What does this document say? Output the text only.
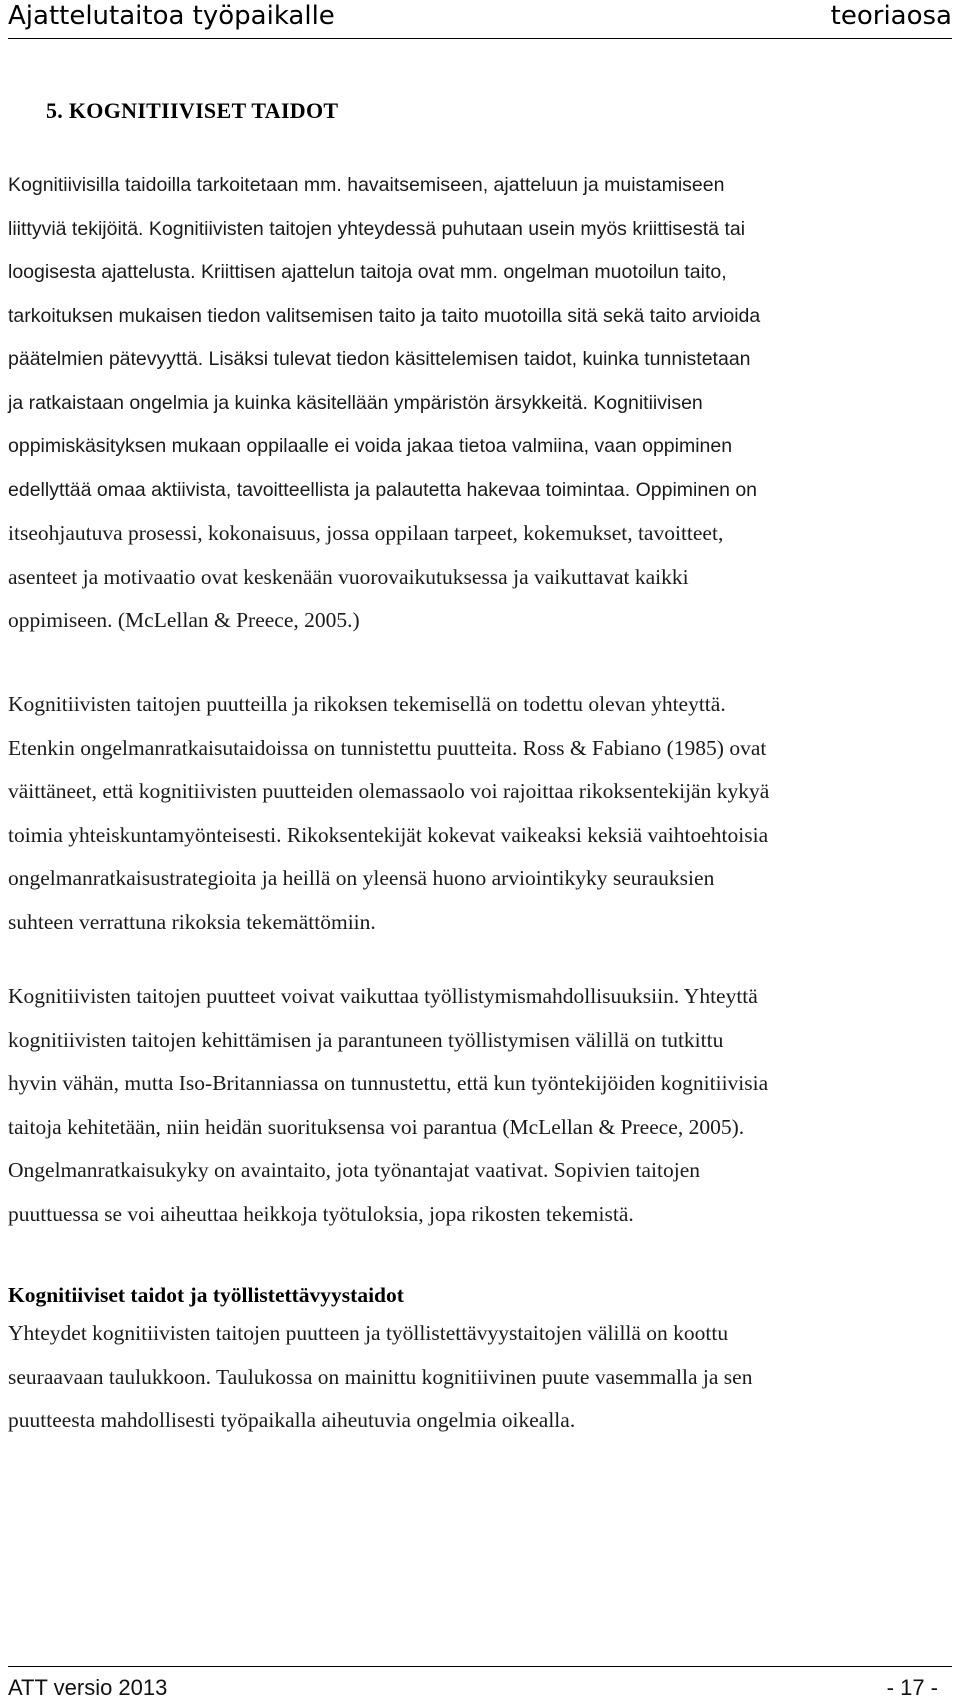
Ajattelutaitoa työpaikalle	teoriaosa
5. KOGNITIIVISET TAIDOT
Kognitiivisilla taidoilla tarkoitetaan mm. havaitsemiseen, ajatteluun ja muistamiseen
liittyviä tekijöitä. Kognitiivisten taitojen yhteydessä puhutaan usein myös kriittisestä tai
loogisesta ajattelusta. Kriittisen ajattelun taitoja ovat mm. ongelman muotoilun taito,
tarkoituksen mukaisen tiedon valitsemisen taito ja taito muotoilla sitä sekä taito arvioida
päätelmien pätevyyttä. Lisäksi tulevat tiedon käsittelemisen taidot, kuinka tunnistetaan
ja ratkaistaan ongelmia ja kuinka käsitellään ympäristön ärsykkeitä. Kognitiivisen
oppimiskäsityksen mukaan oppilaalle ei voida jakaa tietoa valmiina, vaan oppiminen
edellyttää omaa aktiivista, tavoitteellista ja palautetta hakevaa toimintaa. Oppiminen on
itseohjautuva prosessi, kokonaisuus, jossa oppilaan tarpeet, kokemukset, tavoitteet,
asenteet ja motivaatio ovat keskenään vuorovaikutuksessa ja vaikuttavat kaikki
oppimiseen. (McLellan & Preece, 2005.)
Kognitiivisten taitojen puutteilla ja rikoksen tekemisellä on todettu olevan yhteyttä.
Etenkin ongelmanratkaisutaidoissa on tunnistettu puutteita. Ross & Fabiano (1985) ovat
väittäneet, että kognitiivisten puutteiden olemassaolo voi rajoittaa rikoksentekijän kykyä
toimia yhteiskuntamyönteisesti. Rikoksentekijät kokevat vaikeaksi keksiä vaihtoehtoisia
ongelmanratkaisustrategioita ja heillä on yleensä huono arviointikyky seurauksien
suhteen verrattuna rikoksia tekemättömiin.
Kognitiivisten taitojen puutteet voivat vaikuttaa työllistymismahdollisuuksiin. Yhteyttä
kognitiivisten taitojen kehittämisen ja parantuneen työllistymisen välillä on tutkittu
hyvin vähän, mutta Iso-Britanniassa on tunnustettu, että kun työntekijöiden kognitiivisia
taitoja kehitetään, niin heidän suorituksensa voi parantua (McLellan & Preece, 2005).
Ongelmanratkaisukyky on avaintaito, jota työnantajat vaativat. Sopivien taitojen
puuttuessa se voi aiheuttaa heikkoja työtuloksia, jopa rikosten tekemistä.
Kognitiiviset taidot ja työllistettävyystaidot
Yhteydet kognitiivisten taitojen puutteen ja työllistettävyystaitojen välillä on koottu
seuraavaan taulukkoon. Taulukossa on mainittu kognitiivinen puute vasemmalla ja sen
puutteesta mahdollisesti työpaikalla aiheutuvia ongelmia oikealla.
ATT versio 2013	- 17 -
